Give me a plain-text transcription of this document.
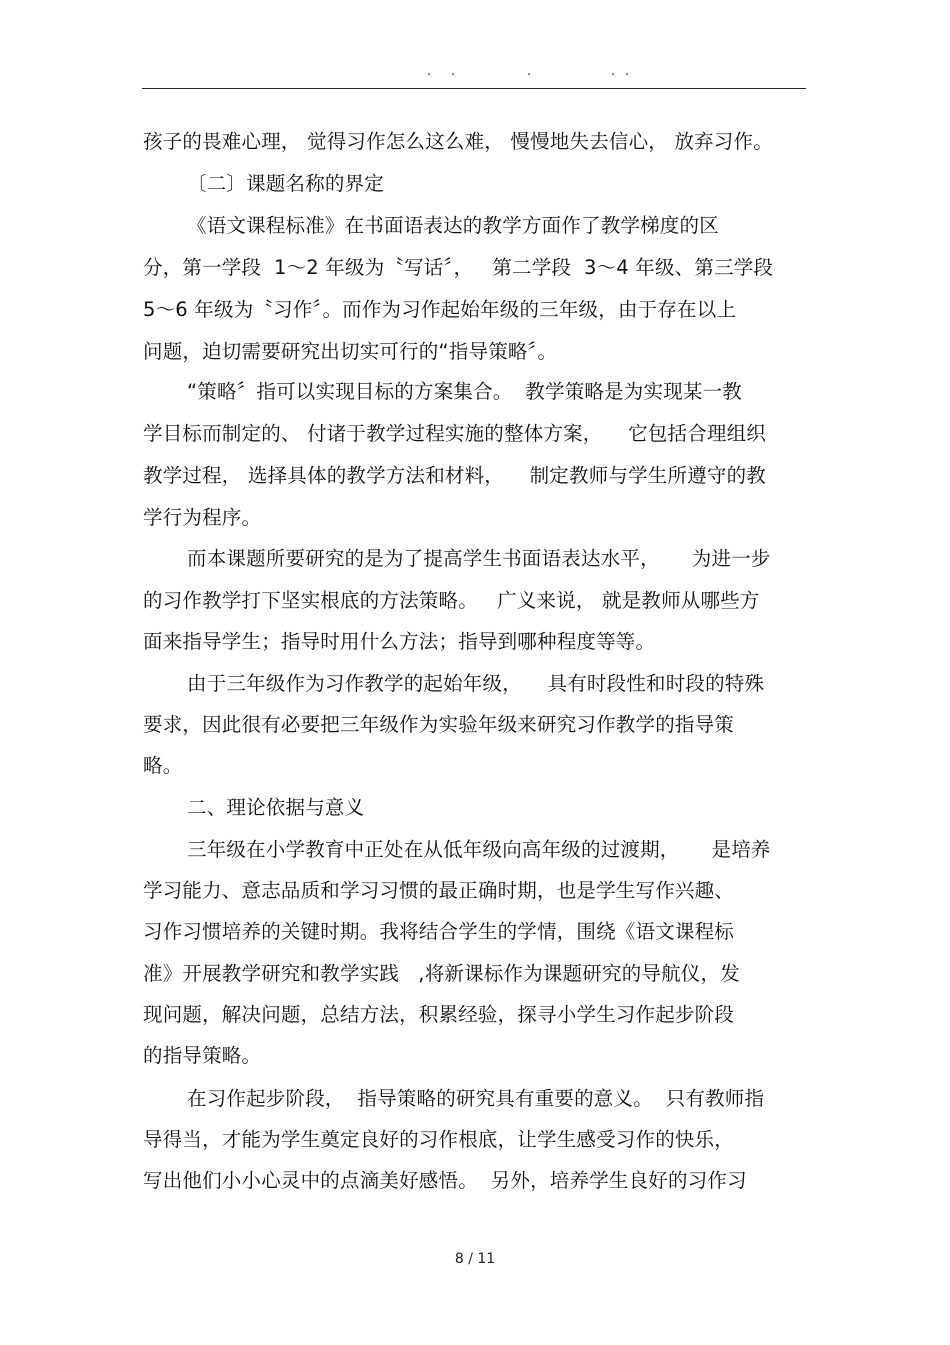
. .	.	. .
孩子的畏难心理， 觉得习作怎么这么难， 慢慢地失去信心， 放弃习作。
〔二〕课题名称的界定
《语文课程标准》在书面语表达的教学方面作了教学梯度的区
分，第一学段  1～2 年级为〝写话〞，   第二学段  3～4 年级、第三学段
5～6 年级为〝习作〞。而作为习作起始年级的三年级，由于存在以上
问题，迫切需要研究出切实可行的“指导策略〞。
“策略〞指可以实现目标的方案集合。  教学策略是为实现某一教
学目标而制定的、 付诸于教学过程实施的整体方案，    它包括合理组织
教学过程， 选择具体的教学方法和材料，    制定教师与学生所遵守的教
学行为程序。
而本课题所要研究的是为了提高学生书面语表达水平，     为进一步
的习作教学打下坚实根底的方法策略。   广义来说， 就是教师从哪些方
面来指导学生；指导时用什么方法；指导到哪种程度等等。
由于三年级作为习作教学的起始年级，    具有时段性和时段的特殊
要求，因此很有必要把三年级作为实验年级来研究习作教学的指导策
略。
二、理论依据与意义
三年级在小学教育中正处在从低年级向高年级的过渡期，     是培养
学习能力、意志品质和学习习惯的最正确时期，也是学生写作兴趣、
习作习惯培养的关键时期。我将结合学生的学情，围绕《语文课程标
准》开展教学研究和教学实践   ,将新课标作为课题研究的导航仪，发
现问题，解决问题，总结方法，积累经验，探寻小学生习作起步阶段
的指导策略。
在习作起步阶段，  指导策略的研究具有重要的意义。  只有教师指
导得当，才能为学生奠定良好的习作根底，让学生感受习作的快乐，
写出他们小小心灵中的点滴美好感悟。  另外，培养学生良好的习作习
8 / 11
